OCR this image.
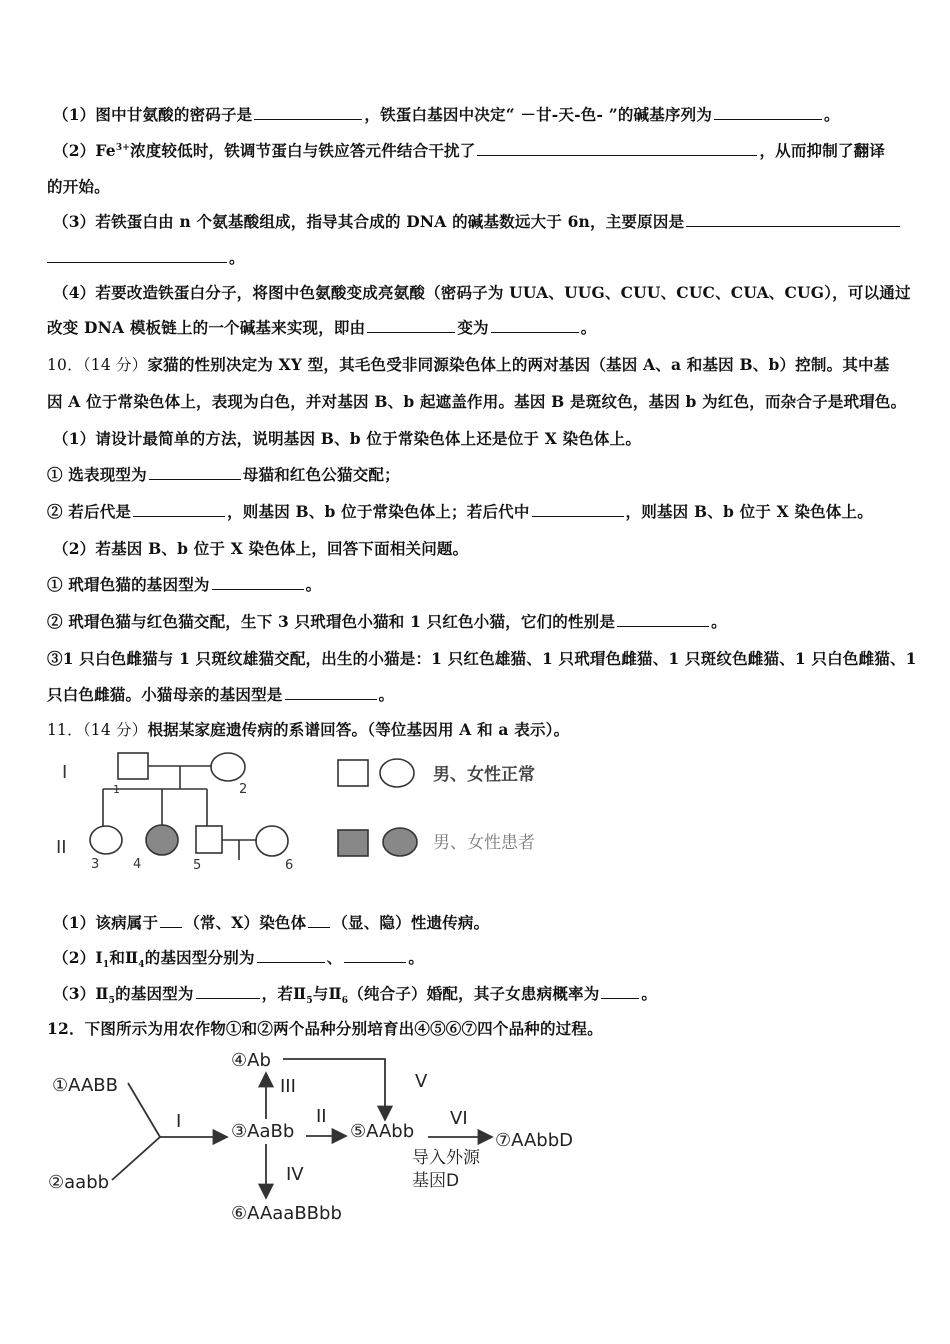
（1）图中甘氨酸的密码子是	，铁蛋白基因中决定“ －甘-天-色- ”的碱基序列为	。
$(2)Fe^{3+}$浓度较低时，铁调节蛋白与铁应答元件结合干扰了	，从而抑制了翻译
的开始。
（3）若铁蛋白由 n 个氨基酸组成，指导其合成的 DNA 的碱基数远大于 6n，主要原因是
。
（4）若要改造铁蛋白分子，将图中色氨酸变成亮氨酸（密码子为 UUA、UUG、CUU、CUC、CUA、CUG），可以通过
改变 DNA 模板链上的一个碱基来实现，即由	变为	。
10．（14 分）家猫的性别决定为 XY 型，其毛色受非同源染色体上的两对基因（基因 A、a 和基因 B、b）控制。其中基
因 A 位于常染色体上，表现为白色，并对基因 B、b 起遮盖作用。基因 B 是斑纹色，基因 b 为红色，而杂合子是玳瑁色。
（1）请设计最简单的方法，说明基因 B、b 位于常染色体上还是位于 X 染色体上。
① 选表现型为	母猫和红色公猫交配；
② 若后代是	，则基因 B、b 位于常染色体上；若后代中	，则基因 B、b 位于 X 染色体上。
（2）若基因 B、b 位于 X 染色体上，回答下面相关问题。
① 玳瑁色猫的基因型为	。
② 玳瑁色猫与红色猫交配，生下 3 只玳瑁色小猫和 1 只红色小猫，它们的性别是	。
③1 只白色雌猫与 1 只斑纹雄猫交配，出生的小猫是：1 只红色雄猫、1 只玳瑁色雌猫、1 只斑纹色雌猫、1 只白色雌猫、1
只白色雌猫。小猫母亲的基因型是	。
11．（14 分）根据某家庭遗传病的系谱回答。（等位基因用 A 和 a 表示）。
I
II
1	2
3	4	5	6
男、女性正常
男、女性患者
（1）该病属于 （常、X）染色体 （显、隐）性遗传病。
$(2)Ⅰ_1$和$Ⅱ_4$的基因型分别为	、	。
$(3)Ⅱ_5$的基因型为	，若$Ⅱ_5$与$Ⅱ_6$（纯合子）婚配，其子女患病概率为	。
12．下图所示为用农作物①和②两个品种分别培育出④⑤⑥⑦四个品种的过程。
①AABB
②aabb
③AaBb
④Ab
⑤AAbb
⑥AAaaBBbb
⑦AAbbD
I	II
III
IV
V
VI
导入外源
基因D
